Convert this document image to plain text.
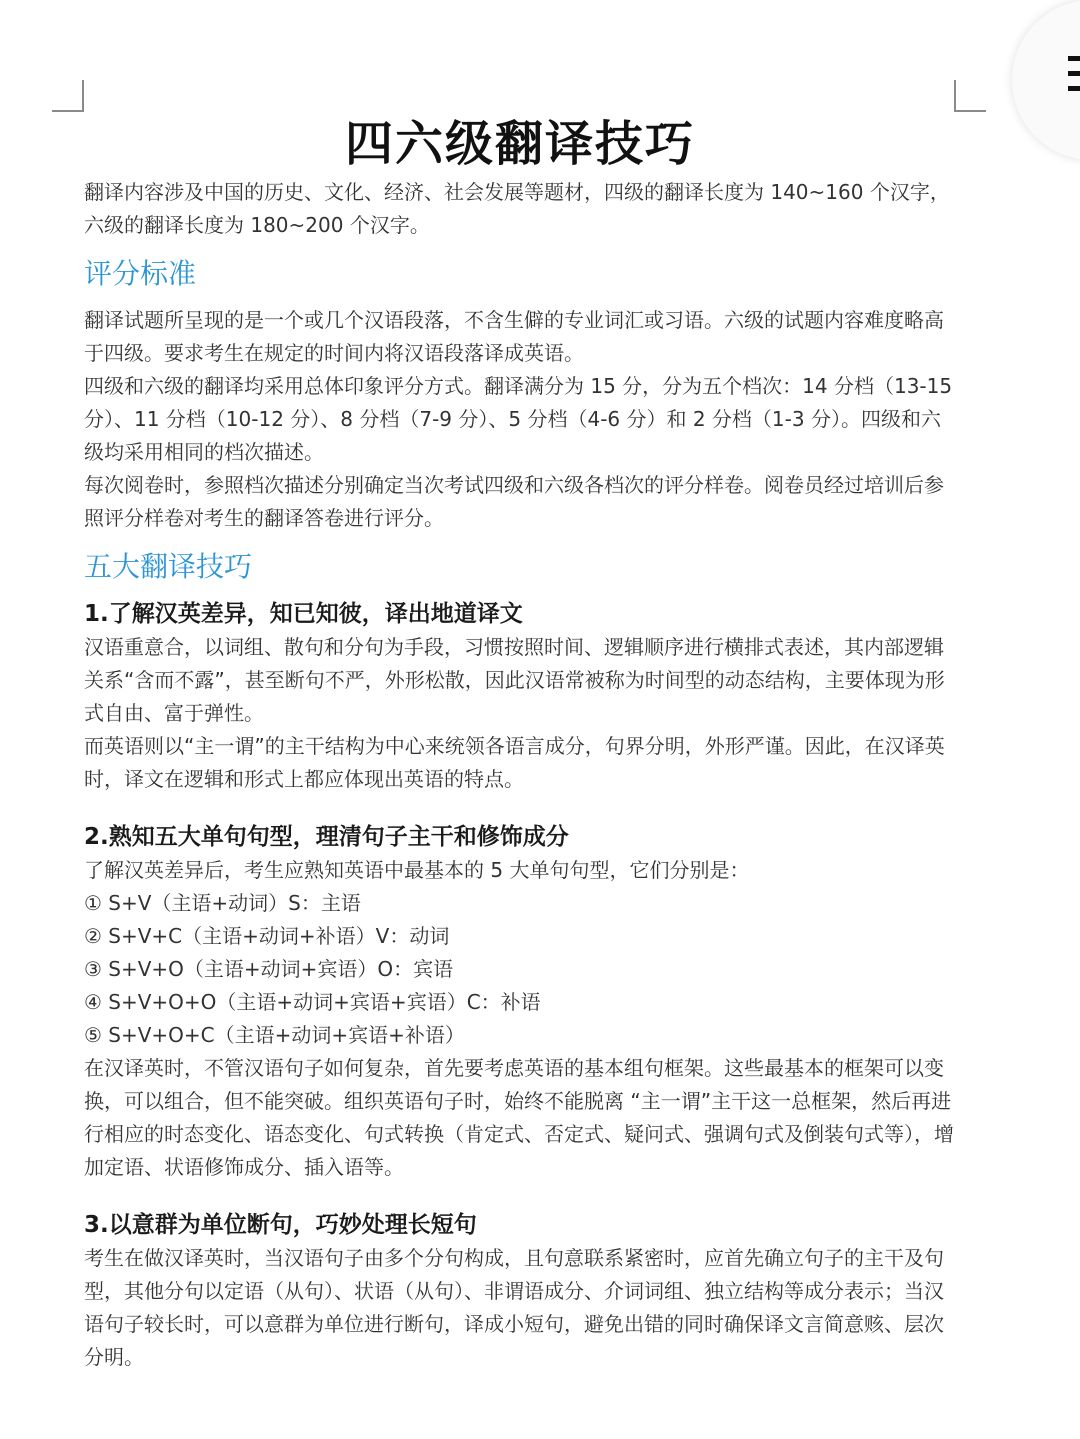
四六级翻译技巧

翻译内容涉及中国的历史、文化、经济、社会发展等题材，四级的翻译长度为 140~160 个汉字，六级的翻译长度为 180~200 个汉字。

评分标准

翻译试题所呈现的是一个或几个汉语段落，不含生僻的专业词汇或习语。六级的试题内容难度略高于四级。要求考生在规定的时间内将汉语段落译成英语。

四级和六级的翻译均采用总体印象评分方式。翻译满分为 15 分，分为五个档次：14 分档（13-15 分）、11 分档（10-12 分）、8 分档（7-9 分）、5 分档（4-6 分）和 2 分档（1-3 分）。四级和六级均采用相同的档次描述。

每次阅卷时，参照档次描述分别确定当次考试四级和六级各档次的评分样卷。阅卷员经过培训后参照评分样卷对考生的翻译答卷进行评分。

五大翻译技巧
1.了解汉英差异，知已知彼，译出地道译文

汉语重意合，以词组、散句和分句为手段，习惯按照时间、逻辑顺序进行横排式表述，其内部逻辑关系“含而不露”，甚至断句不严，外形松散，因此汉语常被称为时间型的动态结构，主要体现为形式自由、富于弹性。

而英语则以“主一谓”的主干结构为中心来统领各语言成分，句界分明，外形严谨。因此，在汉译英时，译文在逻辑和形式上都应体现出英语的特点。

2.熟知五大单句句型，理清句子主干和修饰成分

了解汉英差异后，考生应熟知英语中最基本的 5 大单句句型，它们分别是：

① S+V（主语+动词）S：主语

② S+V+C（主语+动词+补语）V：动词

③ S+V+O（主语+动词+宾语）O：宾语

④ S+V+O+O（主语+动词+宾语+宾语）C：补语

⑤ S+V+O+C（主语+动词+宾语+补语）

在汉译英时，不管汉语句子如何复杂，首先要考虑英语的基本组句框架。这些最基本的框架可以变换，可以组合，但不能突破。组织英语句子时，始终不能脱离 “主一谓”主干这一总框架，然后再进行相应的时态变化、语态变化、句式转换（肯定式、否定式、疑问式、强调句式及倒装句式等），增加定语、状语修饰成分、插入语等。

3.以意群为单位断句，巧妙处理长短句

考生在做汉译英时，当汉语句子由多个分句构成，且句意联系紧密时，应首先确立句子的主干及句型，其他分句以定语（从句）、状语（从句）、非谓语成分、介词词组、独立结构等成分表示；当汉语句子较长时，可以意群为单位进行断句，译成小短句，避免出错的同时确保译文言简意赅、层次分明。
